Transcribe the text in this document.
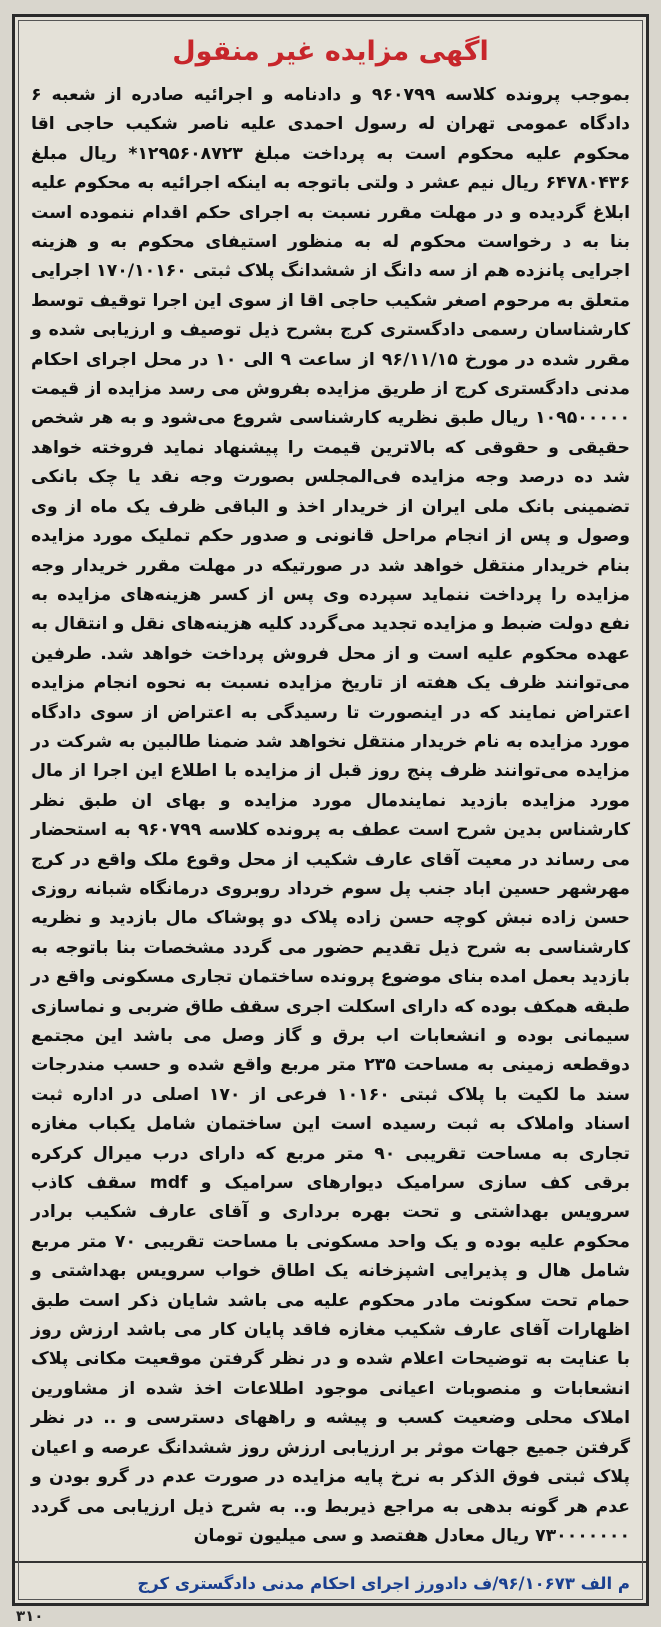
اگهی مزایده غیر منقول

بموجب پرونده کلاسه ۹۶۰۷۹۹ و دادنامه و اجرائیه صادره از شعبه ۶ دادگاه عمومی تهران له رسول احمدی علیه ناصر شکیب حاجی اقا محکوم علیه محکوم است به پرداخت مبلغ ۱۲۹۵۶۰۸۷۲۳* ریال مبلغ ۶۴۷۸۰۴۳۶ ریال نیم عشر د ولتی باتوجه به اینکه اجرائیه به محکوم علیه ابلاغ گردیده و در مهلت مقرر نسبت به اجرای حکم اقدام ننموده است بنا به د رخواست محکوم له به منظور استیفای محکوم به و هزینه اجرایی پانزده هم از سه دانگ از ششدانگ پلاک ثبتی ۱۷۰/۱۰۱۶۰ اجرایی متعلق به مرحوم اصغر شکیب حاجی اقا از سوی این اجرا توقیف توسط کارشناسان رسمی دادگستری کرج بشرح ذیل توصیف و ارزیابی شده و مقرر شده در مورخ ۹۶/۱۱/۱۵ از ساعت ۹ الی ۱۰ در محل اجرای احکام مدنی دادگستری کرج از طریق مزایده بفروش می رسد مزایده از قیمت ۱۰۹۵۰۰۰۰۰ ریال طبق نظریه کارشناسی شروع می‌شود و به هر شخص حقیقی و حقوقی که بالاترین قیمت را پیشنهاد نماید فروخته خواهد شد ده درصد وجه مزایده فی‌المجلس بصورت وجه نقد یا چک بانکی تضمینی بانک ملی ایران از خریدار اخذ و الباقی ظرف یک ماه از وی وصول و پس از انجام مراحل قانونی و صدور حکم تملیک مورد مزایده بنام خریدار منتقل خواهد شد در صورتیکه در مهلت مقرر خریدار وجه مزایده را پرداخت ننماید سپرده وی پس از کسر هزینه‌های مزایده به نفع دولت ضبط و مزایده تجدید می‌گردد کلیه هزینه‌های نقل و انتقال به عهده محکوم علیه است و از محل فروش پرداخت خواهد شد. طرفین می‌توانند ظرف یک هفته از تاریخ مزایده نسبت به نحوه انجام مزایده اعتراض نمایند که در اینصورت تا رسیدگی به اعتراض از سوی دادگاه مورد مزایده به نام خریدار منتقل نخواهد شد ضمنا طالبین به شرکت در مزایده می‌توانند ظرف پنج روز قبل از مزایده با اطلاع این اجرا از مال مورد مزایده بازدید نمایندمال مورد مزایده و بهای ان طبق نظر کارشناس بدین شرح است عطف به پرونده کلاسه ۹۶۰۷۹۹ به استحضار می رساند در معیت آقای عارف شکیب از محل وقوع ملک واقع در کرج مهرشهر حسین اباد جنب پل سوم خرداد روبروی درمانگاه شبانه روزی حسن زاده نبش کوچه حسن زاده پلاک دو پوشاک مال بازدید و نظریه کارشناسی به شرح ذیل تقدیم حضور می گردد مشخصات بنا باتوجه به بازدید بعمل امده بنای موضوع پرونده ساختمان تجاری مسکونی واقع در طبقه همکف بوده که دارای اسکلت اجری سقف طاق ضربی و نماسازی سیمانی بوده و انشعابات اب برق و گاز وصل می باشد این مجتمع دوقطعه زمینی به مساحت ۲۳۵ متر مربع واقع شده و حسب مندرجات سند ما لکیت با پلاک ثبتی ۱۰۱۶۰ فرعی از ۱۷۰ اصلی در اداره ثبت اسناد واملاک به ثبت رسیده است این ساختمان شامل یکباب مغازه تجاری به مساحت تقریبی ۹۰ متر مربع که دارای درب میرال کرکره برقی کف سازی سرامیک دیوارهای سرامیک و mdf سقف کاذب سرویس بهداشتی و تحت بهره برداری و آقای عارف شکیب برادر محکوم علیه بوده و یک واحد مسکونی با مساحت تقریبی ۷۰ متر مربع شامل هال و پذیرایی اشپزخانه یک اطاق خواب سرویس بهداشتی و حمام تحت سکونت مادر محکوم علیه می باشد شایان ذکر است طبق اظهارات آقای عارف شکیب مغازه فاقد پایان کار می باشد ارزش روز با عنایت به توضیحات اعلام شده و در نظر گرفتن موقعیت مکانی پلاک انشعابات و منصوبات اعیانی موجود اطلاعات اخذ شده از مشاورین املاک محلی وضعیت کسب و پیشه و راههای دسترسی و .. در نظر گرفتن جمیع جهات موثر بر ارزیابی ارزش روز ششدانگ عرصه و اعیان پلاک ثبتی فوق الذکر به نرخ پایه مزایده در صورت عدم در گرو بودن و عدم هر گونه بدهی به مراجع ذیربط و.. به شرح ذیل ارزیابی می گردد ۷۳۰۰۰۰۰۰۰ ریال معادل هفتصد و سی میلیون تومان

م الف ۹۶/۱۰۶۷۳/ف دادورز اجرای احکام مدنی دادگستری کرج
۳۱۰
